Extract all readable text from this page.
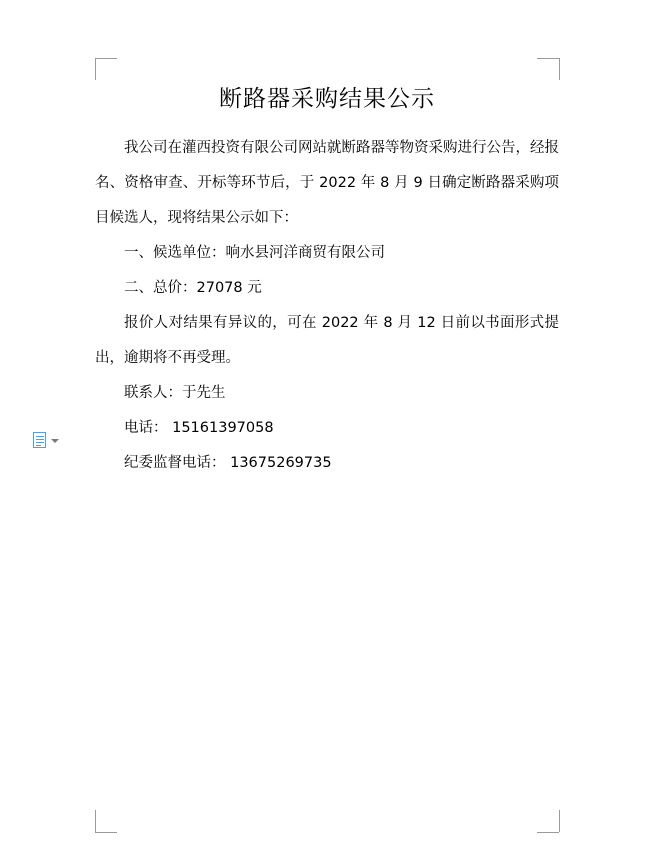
断路器采购结果公示

我公司在灌西投资有限公司网站就断路器等物资采购进行公告，经报名、资格审查、开标等环节后，于 2022 年 8 月 9 日确定断路器采购项目候选人，现将结果公示如下：

一、候选单位：响水县河洋商贸有限公司

二、总价：27078 元

报价人对结果有异议的，可在 2022 年 8 月 12 日前以书面形式提出，逾期将不再受理。

联系人：于先生

电话： 15161397058

纪委监督电话： 13675269735
